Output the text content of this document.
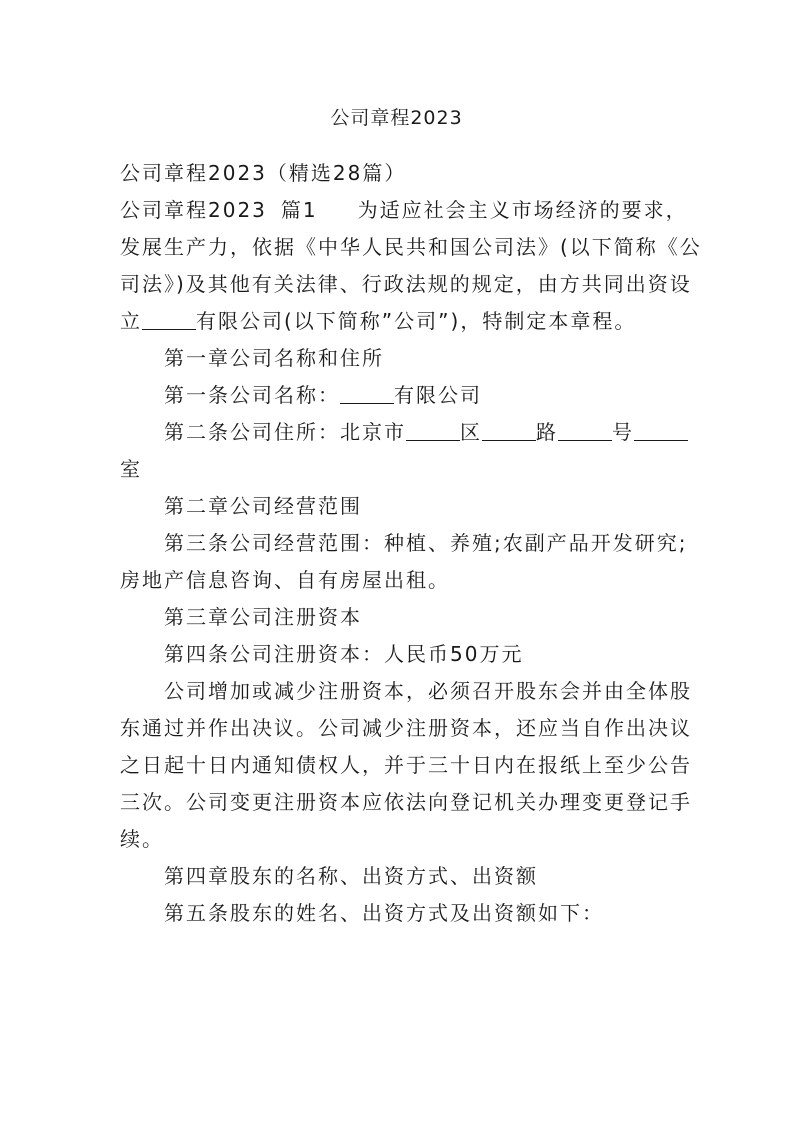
公司章程2023

公司章程2023（精选28篇）

公司章程2023 篇1 为适应社会主义市场经济的要求，

发展生产力，依据《中华人民共和国公司法》(以下简称《公

司法》)及其他有关法律、行政法规的规定，由方共同出资设

立	有限公司(以下简称”公司”)，特制定本章程。

第一章公司名称和住所

第一条公司名称：	有限公司

第二条公司住所：北京市	区	路	号

室

第二章公司经营范围

第三条公司经营范围：种植、养殖;农副产品开发研究;

房地产信息咨询、自有房屋出租。

第三章公司注册资本

第四条公司注册资本：人民币50万元

公司增加或减少注册资本，必须召开股东会并由全体股

东通过并作出决议。公司减少注册资本，还应当自作出决议

之日起十日内通知债权人，并于三十日内在报纸上至少公告

三次。公司变更注册资本应依法向登记机关办理变更登记手

续。

第四章股东的名称、出资方式、出资额

第五条股东的姓名、出资方式及出资额如下：
